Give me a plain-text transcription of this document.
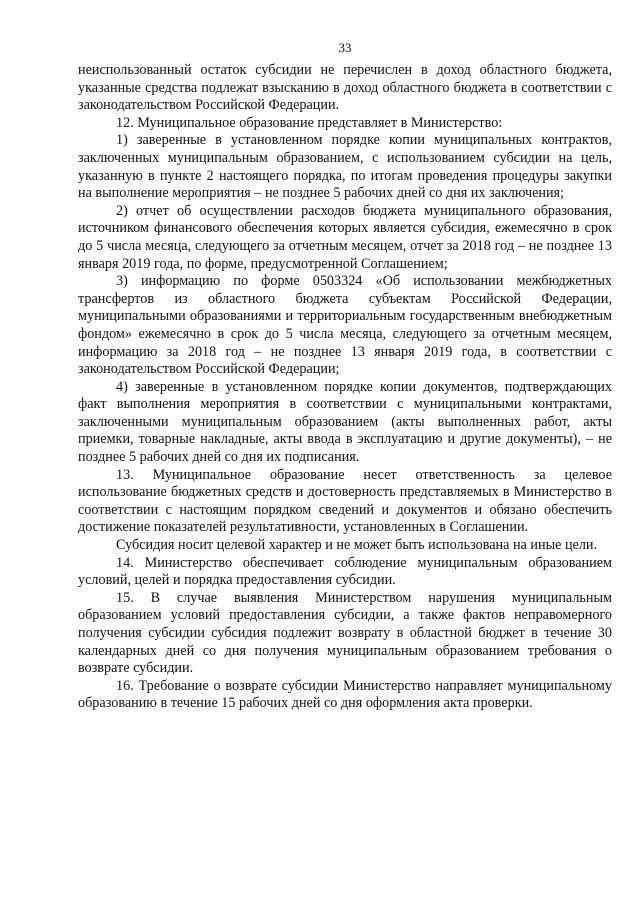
33

неиспользованный остаток субсидии не перечислен в доход областного бюджета, указанные средства подлежат взысканию в доход областного бюджета в соответствии с законодательством Российской Федерации.

12. Муниципальное образование представляет в Министерство:

1) заверенные в установленном порядке копии муниципальных контрактов, заключенных муниципальным образованием, с использованием субсидии на цель, указанную в пункте 2 настоящего порядка, по итогам проведения процедуры закупки на выполнение мероприятия – не позднее 5 рабочих дней со дня их заключения;

2) отчет об осуществлении расходов бюджета муниципального образования, источником финансового обеспечения которых является субсидия, ежемесячно в срок до 5 числа месяца, следующего за отчетным месяцем, отчет за 2018 год – не позднее 13 января 2019 года, по форме, предусмотренной Соглашением;

3) информацию по форме 0503324 «Об использовании межбюджетных трансфертов из областного бюджета субъектам Российской Федерации, муниципальными образованиями и территориальным государственным внебюджетным фондом» ежемесячно в срок до 5 числа месяца, следующего за отчетным месяцем, информацию за 2018 год – не позднее 13 января 2019 года, в соответствии с законодательством Российской Федерации;

4) заверенные в установленном порядке копии документов, подтверждающих факт выполнения мероприятия в соответствии с муниципальными контрактами, заключенными муниципальным образованием (акты выполненных работ, акты приемки, товарные накладные, акты ввода в эксплуатацию и другие документы), – не позднее 5 рабочих дней со дня их подписания.

13. Муниципальное образование несет ответственность за целевое использование бюджетных средств и достоверность представляемых в Министерство в соответствии с настоящим порядком сведений и документов и обязано обеспечить достижение показателей результативности, установленных в Соглашении.

Субсидия носит целевой характер и не может быть использована на иные цели.

14. Министерство обеспечивает соблюдение муниципальным образованием условий, целей и порядка предоставления субсидии.

15. В случае выявления Министерством нарушения муниципальным образованием условий предоставления субсидии, а также фактов неправомерного получения субсидии субсидия подлежит возврату в областной бюджет в течение 30 календарных дней со дня получения муниципальным образованием требования о возврате субсидии.

16. Требование о возврате субсидии Министерство направляет муниципальному образованию в течение 15 рабочих дней со дня оформления акта проверки.
